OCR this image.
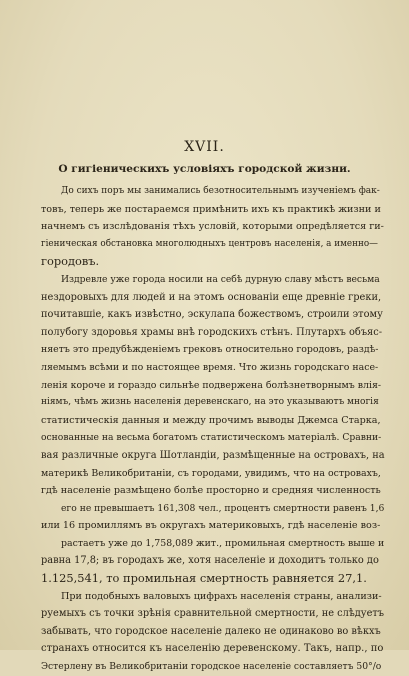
XVII.
О гигіеническихъ условіяхъ городской жизни.
До сихъ поръ мы занимались безотносительнымъ изученіемъ фак-
товъ, теперь же постараемся примѣнить ихъ къ практикѣ жизни и
начнемъ съ изслѣдованія тѣхъ условій, которыми опредѣляется ги-
гіеническая обстановка многолюдныхъ центровъ населенія, а именно—
городовъ.
Издревле уже города носили на себѣ дурную славу мѣстъ весьма
нездоровыхъ для людей и на этомъ основаніи еще древніе греки,
почитавшіе, какъ извѣстно, эскулапа божествомъ, строили этому
полубогу здоровья храмы внѣ городскихъ стѣнъ. Плутархъ объяс-
няетъ это предубѣжденіемъ грековъ относительно городовъ, раздѣ-
ляемымъ всѣми и по настоящее время. Что жизнь городскаго насе-
ленія короче и гораздо сильнѣе подвержена болѣзнетворнымъ влія-
ніямъ, чѣмъ жизнь населенія деревенскаго, на это указываютъ многія
статистическія данныя и между прочимъ выводы Джемса Старка,
основанные на весьма богатомъ статистическомъ матеріалѣ. Сравни-
вая различные округа Шотландіи, размѣщенные на островахъ, на
материкѣ Великобританіи, съ городами, увидимъ, что на островахъ,
гдѣ населеніе размѣщено болѣе просторно и средняя численность
его не превышаетъ 161,308 чел., процентъ смертности равенъ 1,6
или 16 промиллямъ въ округахъ материковыхъ, гдѣ населеніе воз-
растаетъ уже до 1,758,089 жит., промильная смертность выше и
равна 17,8; въ городахъ же, хотя населеніе и доходитъ только до
1.125,541, то промильная смертность равняется 27,1.
При подобныхъ валовыхъ цифрахъ населенія страны, анализи-
руемыхъ съ точки зрѣнія сравнительной смертности, не слѣдуетъ
забывать, что городское населеніе далеко не одинаково во вѣкхъ
странахъ относится къ населенію деревенскому. Такъ, напр., по
Эстерлену въ Великобританіи городское населеніе составляетъ 50°/о
